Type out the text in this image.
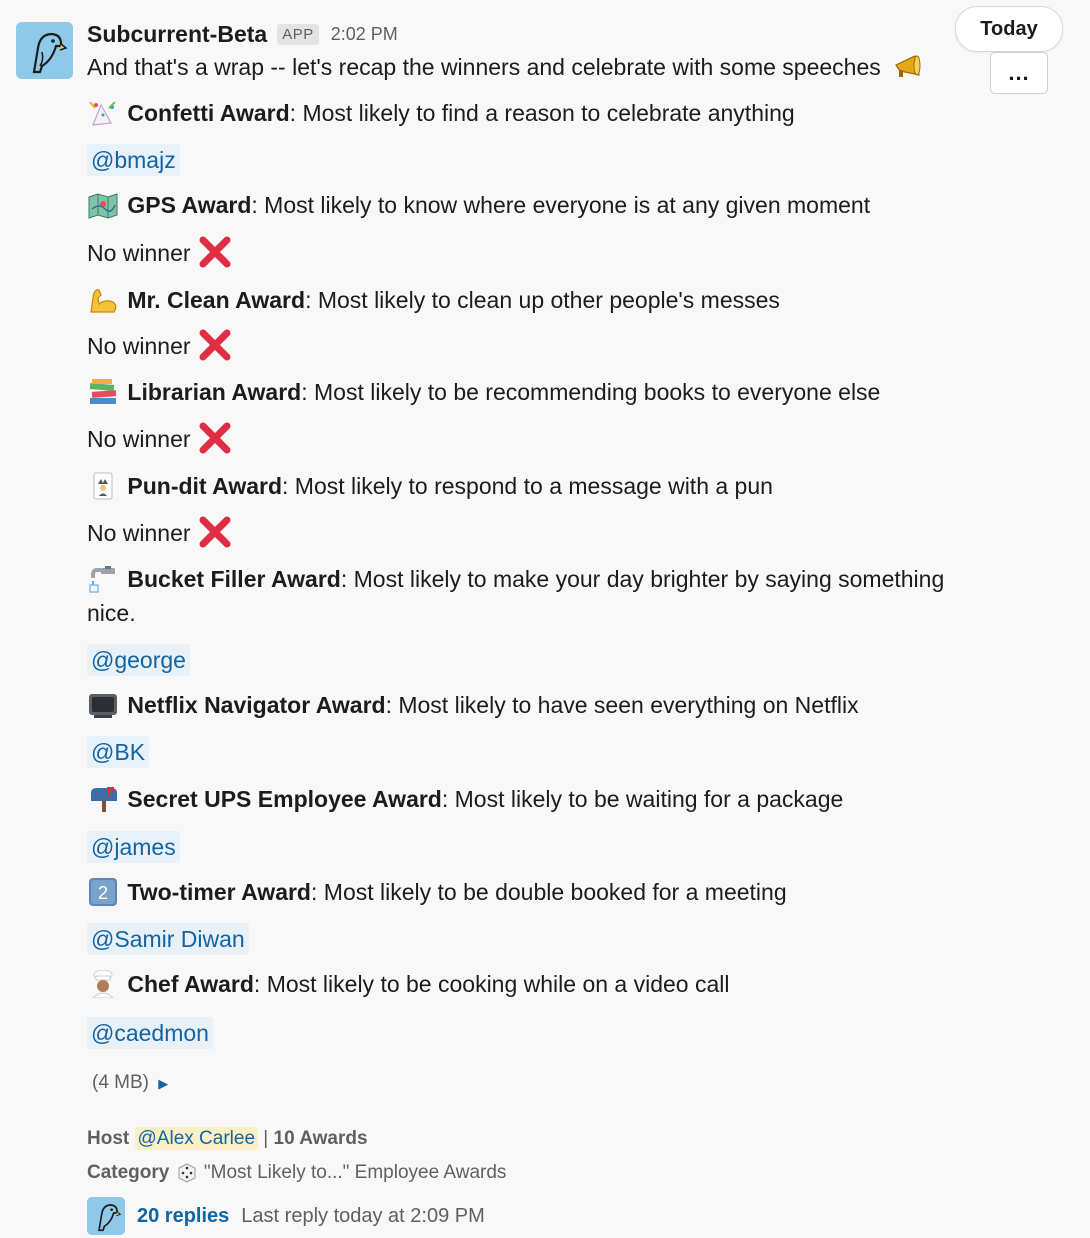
Subcurrent-Beta	APP 2:02 PM	Today
...
And that's a wrap -- let's recap the winners and celebrate with some speeches
Confetti Award: Most likely to find a reason to celebrate anything
@bmajz
GPS Award: Most likely to know where everyone is at any given moment
No winner
Mr. Clean Award: Most likely to clean up other people's messes
No winner
Librarian Award: Most likely to be recommending books to everyone else
No winner
Pun-dit Award: Most likely to respond to a message with a pun
No winner
Bucket Filler Award: Most likely to make your day brighter by saying something
nice.
@george
Netflix Navigator Award: Most likely to have seen everything on Netflix
@BK
Secret UPS Employee Award: Most likely to be waiting for a package
@james
2 Two-timer Award: Most likely to be double booked for a meeting
@Samir Diwan
Chef Award: Most likely to be cooking while on a video call
@caedmon
(4 MB) ▶
Host @Alex Carlee | 10 Awards
Category "Most Likely to..." Employee Awards
20 replies Last reply today at 2:09 PM
